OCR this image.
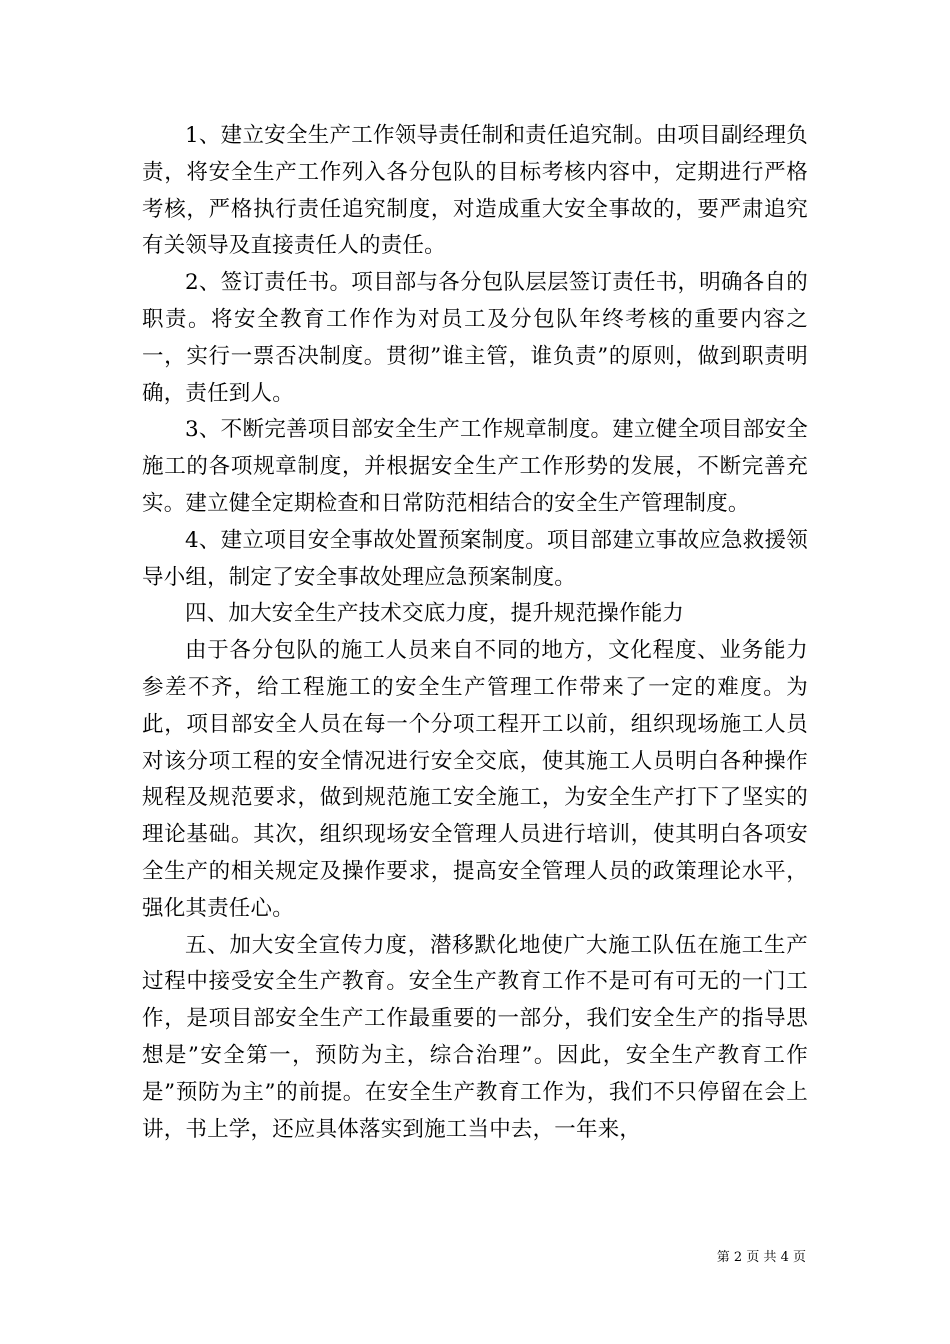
1、建立安全生产工作领导责任制和责任追究制。由项目副经理负责，将安全生产工作列入各分包队的目标考核内容中，定期进行严格考核，严格执行责任追究制度，对造成重大安全事故的，要严肃追究有关领导及直接责任人的责任。

2、签订责任书。项目部与各分包队层层签订责任书，明确各自的职责。将安全教育工作作为对员工及分包队年终考核的重要内容之一，实行一票否决制度。贯彻”谁主管，谁负责”的原则，做到职责明确，责任到人。

3、不断完善项目部安全生产工作规章制度。建立健全项目部安全施工的各项规章制度，并根据安全生产工作形势的发展，不断完善充实。建立健全定期检查和日常防范相结合的安全生产管理制度。

4、建立项目安全事故处置预案制度。项目部建立事故应急救援领导小组，制定了安全事故处理应急预案制度。

四、加大安全生产技术交底力度，提升规范操作能力

由于各分包队的施工人员来自不同的地方，文化程度、业务能力参差不齐，给工程施工的安全生产管理工作带来了一定的难度。为此，项目部安全人员在每一个分项工程开工以前，组织现场施工人员对该分项工程的安全情况进行安全交底，使其施工人员明白各种操作规程及规范要求，做到规范施工安全施工，为安全生产打下了坚实的理论基础。其次，组织现场安全管理人员进行培训，使其明白各项安全生产的相关规定及操作要求，提高安全管理人员的政策理论水平，强化其责任心。

五、加大安全宣传力度，潜移默化地使广大施工队伍在施工生产过程中接受安全生产教育。安全生产教育工作不是可有可无的一门工作，是项目部安全生产工作最重要的一部分，我们安全生产的指导思想是”安全第一，预防为主，综合治理”。因此，安全生产教育工作是”预防为主”的前提。在安全生产教育工作为，我们不只停留在会上讲，书上学，还应具体落实到施工当中去，一年来，

第 2 页 共 4 页
